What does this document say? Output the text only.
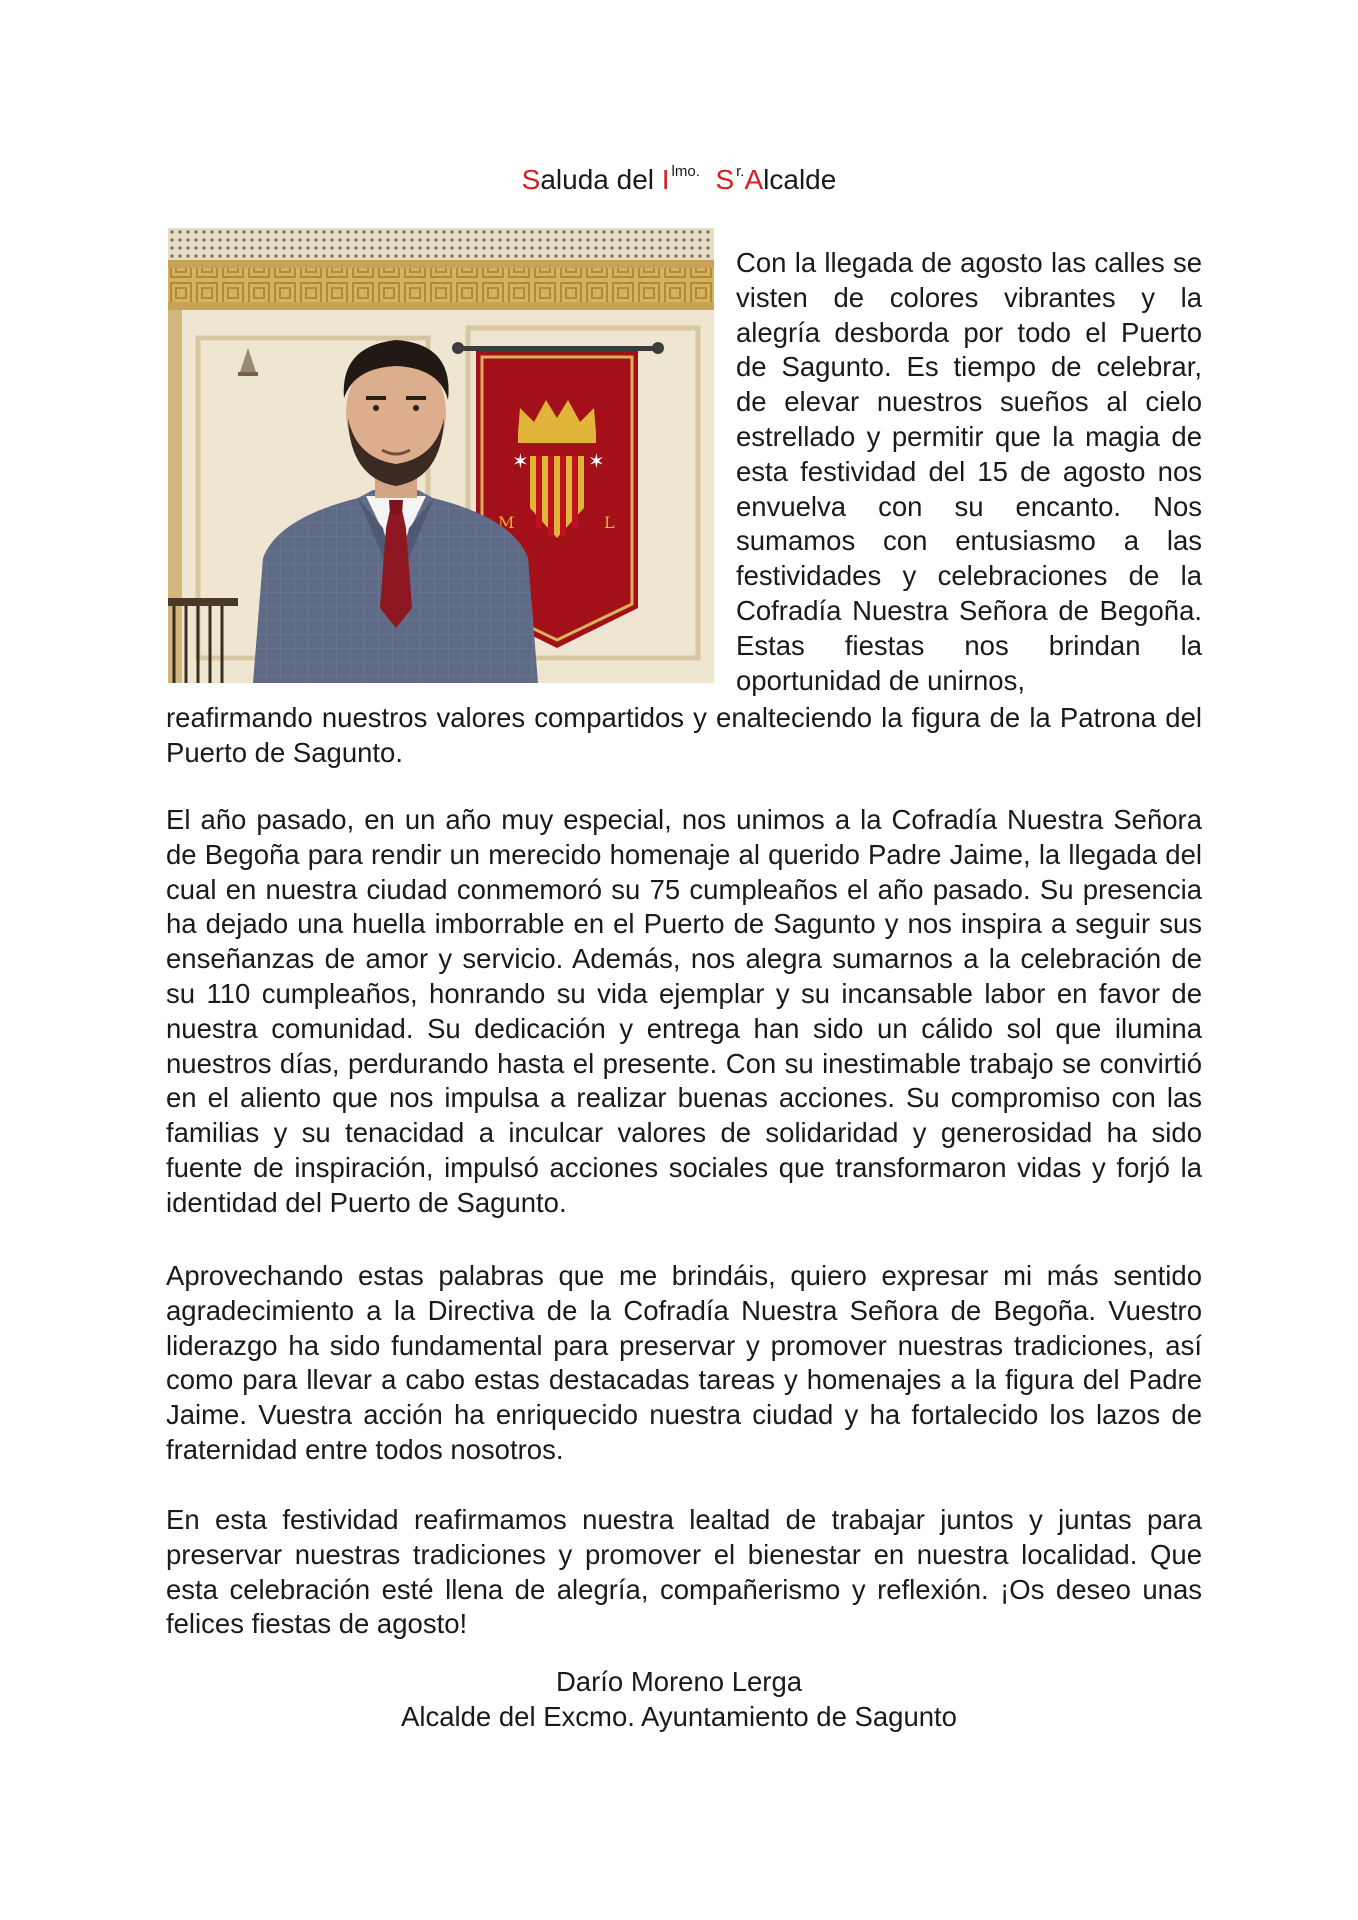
Saluda del I $^{lmo.}$ S $^{r.}$Alcalde
✶	✶
M	L
Con la llegada de agosto las calles se visten de colores vibrantes y la alegría desborda por todo el Puerto de Sagunto. Es tiempo de celebrar, de elevar nuestros sueños al cielo estrellado y permitir que la magia de esta festividad del 15 de agosto nos envuelva con su encanto. Nos sumamos con entusiasmo a las festividades y celebraciones de la Cofradía Nuestra Señora de Begoña. Estas fiestas nos brindan la oportunidad de unirnos,
reafirmando nuestros valores compartidos y enalteciendo la figura de la Patrona del Puerto de Sagunto.
El año pasado, en un año muy especial, nos unimos a la Cofradía Nuestra Señora de Begoña para rendir un merecido homenaje al querido Padre Jaime, la llegada del cual en nuestra ciudad conmemoró su 75 cumpleaños el año pasado. Su presencia ha dejado una huella imborrable en el Puerto de Sagunto y nos inspira a seguir sus enseñanzas de amor y servicio. Además, nos alegra sumarnos a la celebración de su 110 cumpleaños, honrando su vida ejemplar y su incansable labor en favor de nuestra comunidad. Su dedicación y entrega han sido un cálido sol que ilumina nuestros días, perdurando hasta el presente. Con su inestimable trabajo se convirtió en el aliento que nos impulsa a realizar buenas acciones. Su compromiso con las familias y su tenacidad a inculcar valores de solidaridad y generosidad ha sido fuente de inspiración, impulsó acciones sociales que transformaron vidas y forjó la identidad del Puerto de Sagunto.
Aprovechando estas palabras que me brindáis, quiero expresar mi más sentido agradecimiento a la Directiva de la Cofradía Nuestra Señora de Begoña. Vuestro liderazgo ha sido fundamental para preservar y promover nuestras tradiciones, así como para llevar a cabo estas destacadas tareas y homenajes a la figura del Padre Jaime. Vuestra acción ha enriquecido nuestra ciudad y ha fortalecido los lazos de fraternidad entre todos nosotros.
En esta festividad reafirmamos nuestra lealtad de trabajar juntos y juntas para preservar nuestras tradiciones y promover el bienestar en nuestra localidad. Que esta celebración esté llena de alegría, compañerismo y reflexión. ¡Os deseo unas felices fiestas de agosto!
Darío Moreno Lerga
Alcalde del Excmo. Ayuntamiento de Sagunto
